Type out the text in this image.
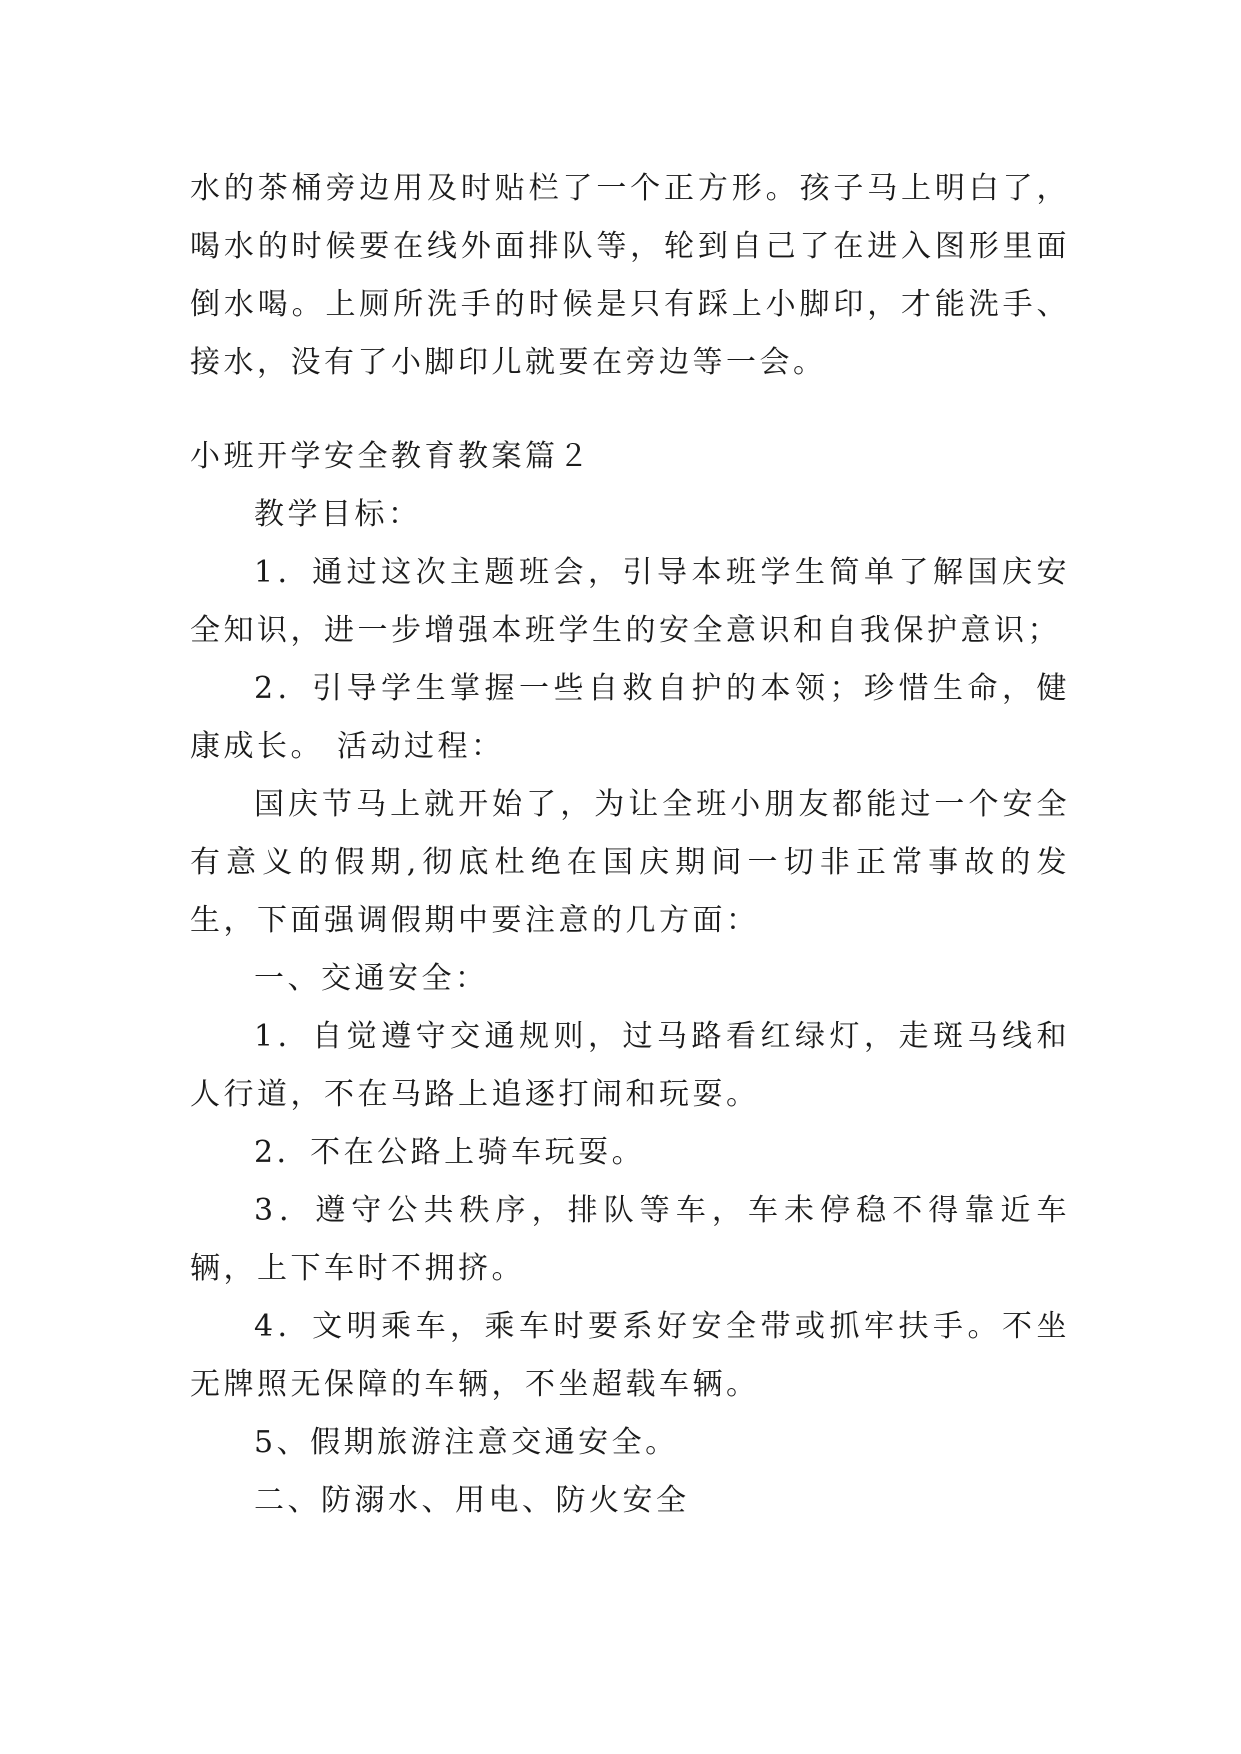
水的茶桶旁边用及时贴栏了一个正方形。孩子马上明白了，喝水的时候要在线外面排队等，轮到自己了在进入图形里面倒水喝。上厕所洗手的时候是只有踩上小脚印，才能洗手、接水，没有了小脚印儿就要在旁边等一会。

小班开学安全教育教案篇２

教学目标：

1．通过这次主题班会，引导本班学生简单了解国庆安全知识，进一步增强本班学生的安全意识和自我保护意识；

2．引导学生掌握一些自救自护的本领；珍惜生命，健康成长。 活动过程：

国庆节马上就开始了，为让全班小朋友都能过一个安全有意义的假期,彻底杜绝在国庆期间一切非正常事故的发生，下面强调假期中要注意的几方面：

一、交通安全：

1．自觉遵守交通规则，过马路看红绿灯，走斑马线和人行道，不在马路上追逐打闹和玩耍。

2．不在公路上骑车玩耍。

3．遵守公共秩序，排队等车，车未停稳不得靠近车辆，上下车时不拥挤。

4．文明乘车，乘车时要系好安全带或抓牢扶手。不坐无牌照无保障的车辆，不坐超载车辆。

5、假期旅游注意交通安全。

二、防溺水、用电、防火安全
